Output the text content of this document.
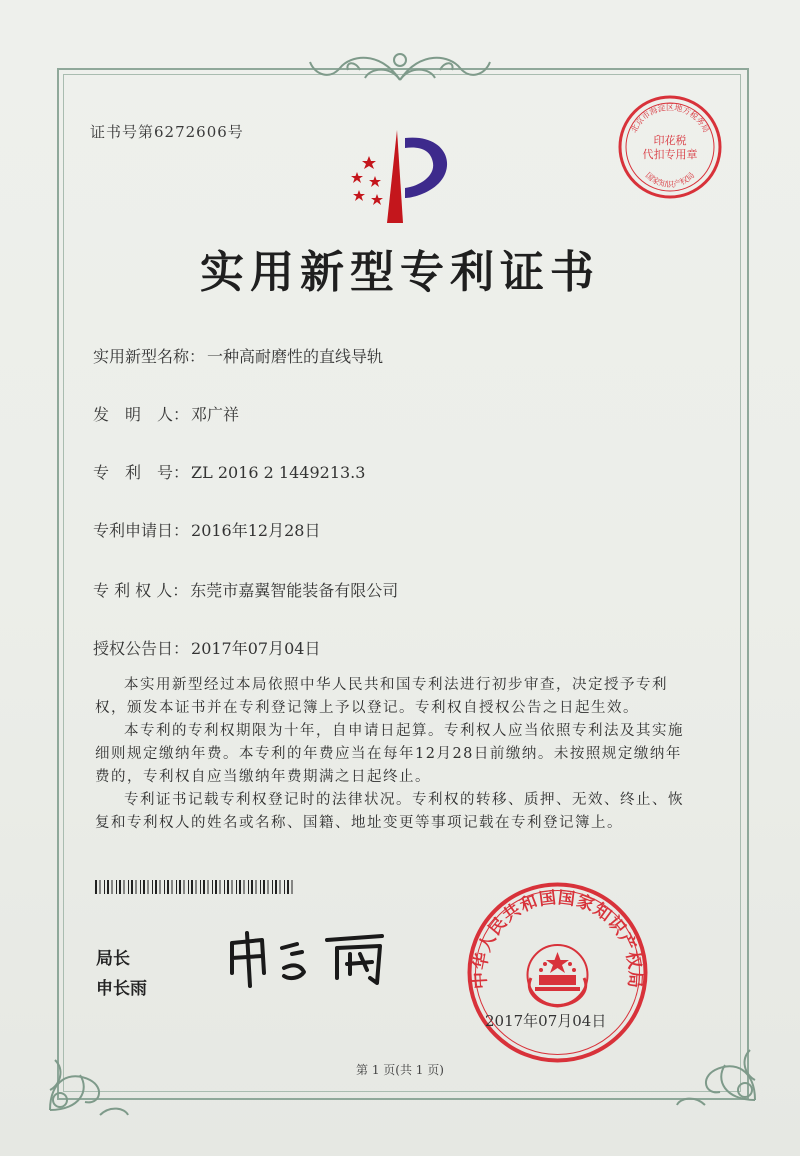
证书号第6272606号	北京市海淀区地方税务局
印花税
代扣专用章
国家知识产权局
实用新型专利证书
实用新型名称： 一种高耐磨性的直线导轨
发　明　人： 邓广祥
专　利　号： ZL 2016 2 1449213.3
专利申请日： 2016年12月28日
专 利 权 人： 东莞市嘉翼智能装备有限公司
授权公告日： 2017年07月04日

本实用新型经过本局依照中华人民共和国专利法进行初步审查，决定授予专利权，颁发本证书并在专利登记簿上予以登记。专利权自授权公告之日起生效。

本专利的专利权期限为十年，自申请日起算。专利权人应当依照专利法及其实施细则规定缴纳年费。本专利的年费应当在每年12月28日前缴纳。未按照规定缴纳年费的，专利权自应当缴纳年费期满之日起终止。

专利证书记载专利权登记时的法律状况。专利权的转移、质押、无效、终止、恢复和专利权人的姓名或名称、国籍、地址变更等事项记载在专利登记簿上。

局长
申长雨	中华人民共和国国家知识产权局
2017年07月04日
第 1 页(共 1 页)
